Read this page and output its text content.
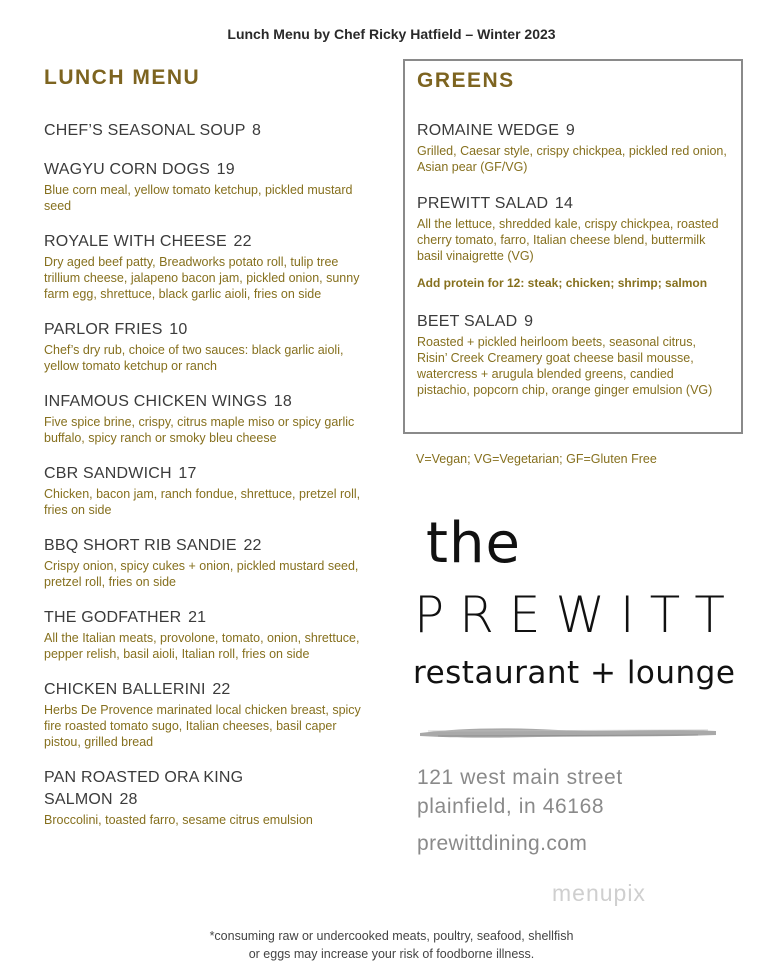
Lunch Menu by Chef Ricky Hatfield – Winter 2023
LUNCH MENU
CHEF’S SEASONAL SOUP 8
WAGYU CORN DOGS 19
Blue corn meal, yellow tomato ketchup, pickled mustard seed
ROYALE WITH CHEESE 22
Dry aged beef patty, Breadworks potato roll, tulip tree trillium cheese, jalapeno bacon jam, pickled onion, sunny farm egg, shrettuce, black garlic aioli, fries on side
PARLOR FRIES 10
Chef’s dry rub, choice of two sauces: black garlic aioli, yellow tomato ketchup or ranch
INFAMOUS CHICKEN WINGS 18
Five spice brine, crispy, citrus maple miso or spicy garlic buffalo, spicy ranch or smoky bleu cheese
CBR SANDWICH 17
Chicken, bacon jam, ranch fondue, shrettuce, pretzel roll, fries on side
BBQ SHORT RIB SANDIE 22
Crispy onion, spicy cukes + onion, pickled mustard seed, pretzel roll, fries on side
THE GODFATHER 21
All the Italian meats, provolone, tomato, onion, shrettuce, pepper relish, basil aioli, Italian roll, fries on side
CHICKEN BALLERINI 22
Herbs De Provence marinated local chicken breast, spicy fire roasted tomato sugo, Italian cheeses, basil caper pistou, grilled bread
PAN ROASTED ORA KING SALMON 28
Broccolini, toasted farro, sesame citrus emulsion
GREENS
ROMAINE WEDGE 9
Grilled, Caesar style, crispy chickpea, pickled red onion, Asian pear (GF/VG)
PREWITT SALAD 14
All the lettuce, shredded kale, crispy chickpea, roasted cherry tomato, farro, Italian cheese blend, buttermilk basil vinaigrette (VG)
Add protein for 12: steak; chicken; shrimp; salmon
BEET SALAD 9
Roasted + pickled heirloom beets, seasonal citrus, Risin’ Creek Creamery goat cheese basil mousse, watercress + arugula blended greens, candied pistachio, popcorn chip, orange ginger emulsion (VG)
V=Vegan; VG=Vegetarian; GF=Gluten Free
the
PREWITT
restaurant + lounge
121 west main street
plainfield, in 46168
prewittdining.com
menupix
*consuming raw or undercooked meats, poultry, seafood, shellfish
or eggs may increase your risk of foodborne illness.
